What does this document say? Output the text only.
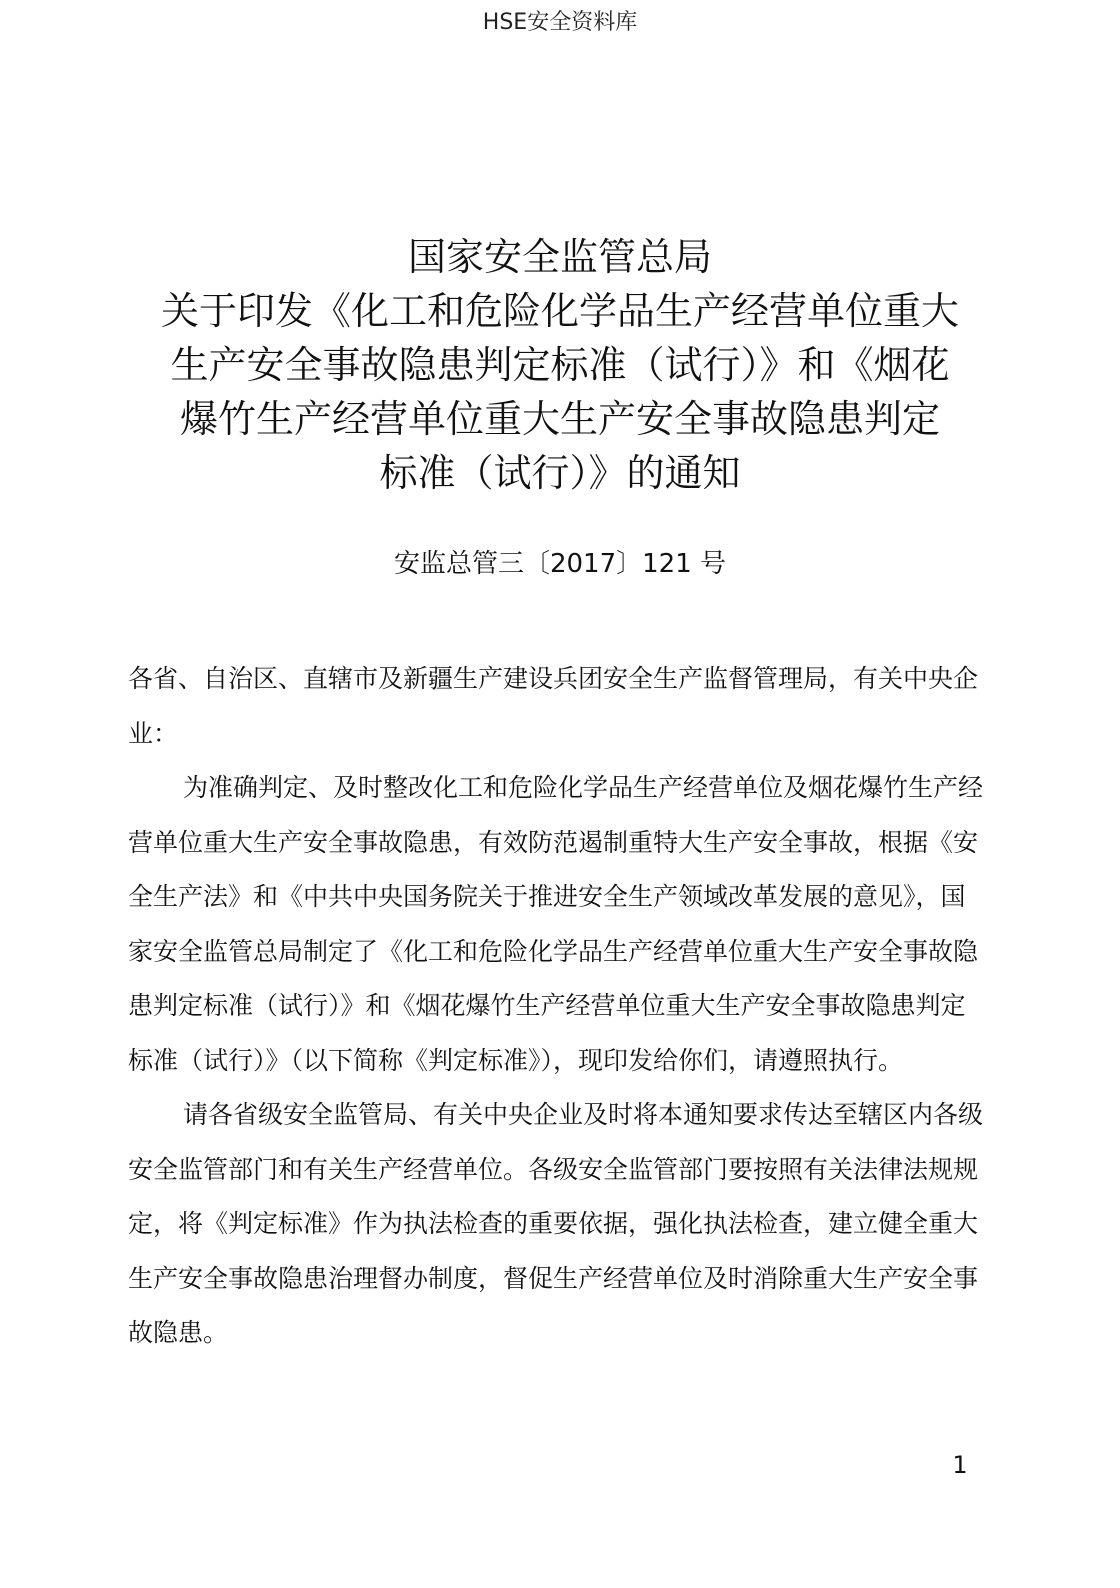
HSE安全资料库
国家安全监管总局
关于印发《化工和危险化学品生产经营单位重大
生产安全事故隐患判定标准（试行）》和《烟花
爆竹生产经营单位重大生产安全事故隐患判定
标准（试行）》的通知
安监总管三〔2017〕121 号

各省、自治区、直辖市及新疆生产建设兵团安全生产监督管理局，有关中央企业：

为准确判定、及时整改化工和危险化学品生产经营单位及烟花爆竹生产经营单位重大生产安全事故隐患，有效防范遏制重特大生产安全事故，根据《安全生产法》和《中共中央国务院关于推进安全生产领域改革发展的意见》，国家安全监管总局制定了《化工和危险化学品生产经营单位重大生产安全事故隐患判定标准（试行）》和《烟花爆竹生产经营单位重大生产安全事故隐患判定标准（试行）》（以下简称《判定标准》），现印发给你们，请遵照执行。

请各省级安全监管局、有关中央企业及时将本通知要求传达至辖区内各级安全监管部门和有关生产经营单位。各级安全监管部门要按照有关法律法规规定，将《判定标准》作为执法检查的重要依据，强化执法检查，建立健全重大生产安全事故隐患治理督办制度，督促生产经营单位及时消除重大生产安全事故隐患。

1
